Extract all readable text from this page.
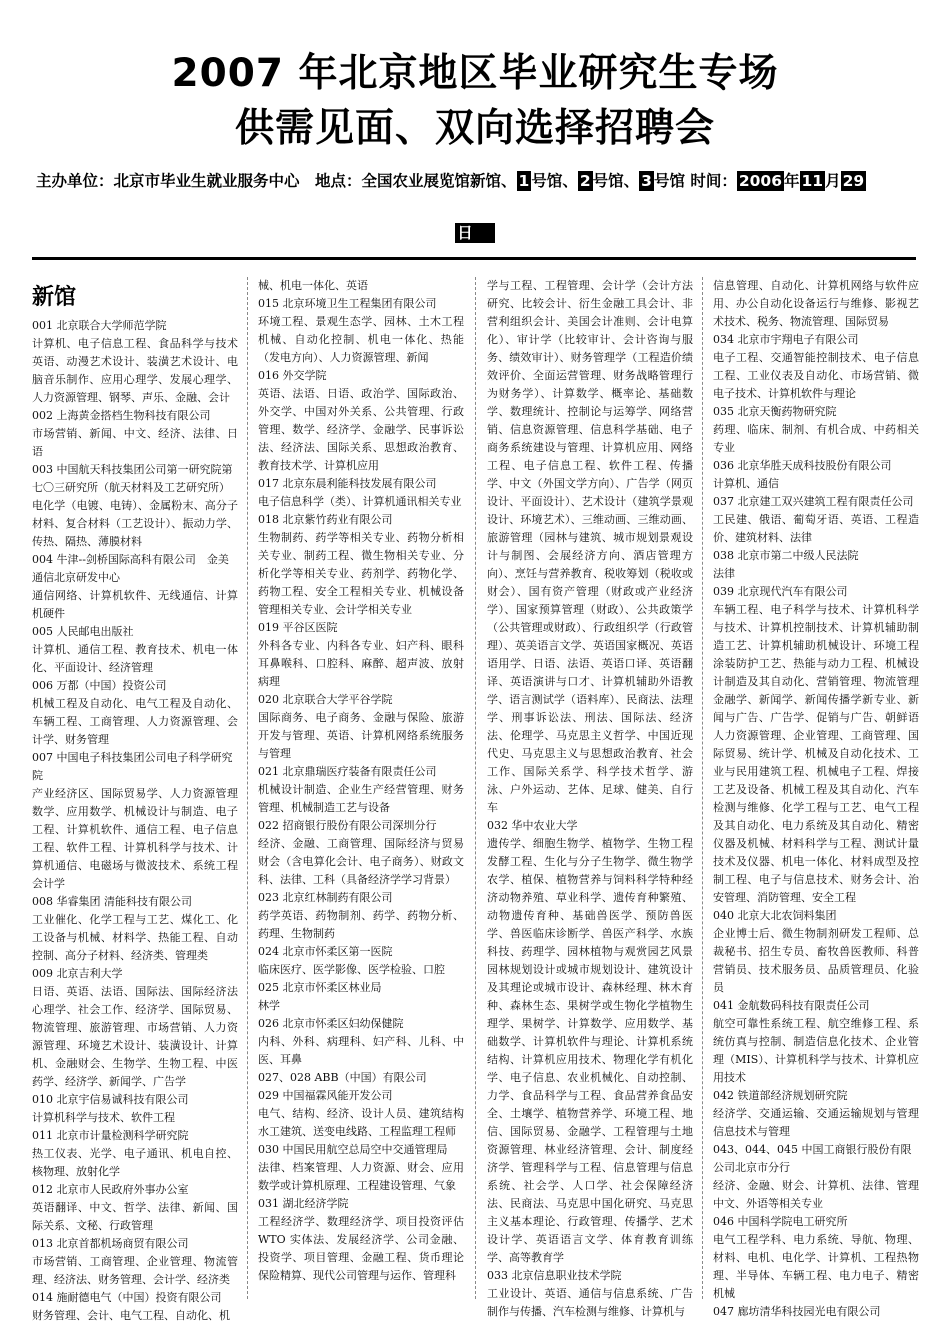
2007 年北京地区毕业研究生专场
供需见面、双向选择招聘会
主办单位：北京市毕业生就业服务中心　地点：全国农业展览馆新馆、 1 号馆、 2 号馆、 3 号馆 时间： 2006 年 11 月 29
日
新馆
001 北京联合大学师范学院
计算机、电子信息工程、食品科学与技术英语、动漫艺术设计、装潢艺术设计、电脑音乐制作、应用心理学、发展心理学、人力资源管理、钢琴、声乐、金融、会计
002 上海黄金搭档生物科技有限公司
市场营销、新闻、中文、经济、法律、日语
003 中国航天科技集团公司第一研究院第七〇三研究所（航天材料及工艺研究所）
电化学（电镀、电铸）、金属粉末、高分子材料、复合材料（工艺设计）、振动力学、传热、隔热、薄膜材料
004 牛津--剑桥国际高科有限公司　金美通信北京研发中心
通信网络、计算机软件、无线通信、计算机硬件
005 人民邮电出版社
计算机、通信工程、教育技术、机电一体化、平面设计、经济管理
006 万都（中国）投资公司
机械工程及自动化、电气工程及自动化、车辆工程、工商管理、人力资源管理、会计学、财务管理
007 中国电子科技集团公司电子科学研究院
产业经济区、国际贸易学、人力资源管理数学、应用数学、机械设计与制造、电子工程、计算机软件、通信工程、电子信息工程、软件工程、计算机科学与技术、计算机通信、电磁场与微波技术、系统工程会计学
008 华睿集团 清能科技有限公司
工业催化、化学工程与工艺、煤化工、化工设备与机械、材料学、热能工程、自动控制、高分子材料、经济类、管理类
009 北京吉利大学
日语、英语、法语、国际法、国际经济法心理学、社会工作、经济学、国际贸易、物流管理、旅游管理、市场营销、人力资源管理、环境艺术设计、装潢设计、计算机、金融财会、生物学、生物工程、中医药学、经济学、新闻学、广告学
010 北京宇信易诚科技有限公司
计算机科学与技术、软件工程
011 北京市计量检测科学研究院
热工仪表、光学、电子通讯、机电自控、核物理、放射化学
012 北京市人民政府外事办公室
英语翻译、中文、哲学、法律、新闻、国际关系、文秘、行政管理
013 北京首都机场商贸有限公司
市场营销、工商管理、企业管理、物流管理、经济法、财务管理、会计学、经济类
014 施耐德电气（中国）投资有限公司
财务管理、会计、电气工程、自动化、机
械、机电一体化、英语
015 北京环境卫生工程集团有限公司
环境工程、景观生态学、园林、土木工程机械、自动化控制、机电一体化、热能（发电方向）、人力资源管理、新闻
016 外交学院
英语、法语、日语、政治学、国际政治、外交学、中国对外关系、公共管理、行政管理、数学、经济学、金融学、民事诉讼法、经济法、国际关系、思想政治教育、教育技术学、计算机应用
017 北京东晨利能科技发展有限公司
电子信息科学（类）、计算机通讯相关专业
018 北京紫竹药业有限公司
生物制药、药学等相关专业、药物分析相关专业、制药工程、微生物相关专业、分析化学等相关专业、药剂学、药物化学、药物工程、安全工程相关专业、机械设备管理相关专业、会计学相关专业
019 平谷区医院
外科各专业、内科各专业、妇产科、眼科耳鼻喉科、口腔科、麻醉、超声波、放射病理
020 北京联合大学平谷学院
国际商务、电子商务、金融与保险、旅游开发与管理、英语、计算机网络系统服务与管理
021 北京鼎瑞医疗装备有限责任公司
机械设计制造、企业生产经营管理、财务管理、机械制造工艺与设备
022 招商银行股份有限公司深圳分行
经济、金融、工商管理、国际经济与贸易财会（含电算化会计、电子商务）、财政文科、法律、工科（具备经济学学习背景）
023 北京红林制药有限公司
药学英语、药物制剂、药学、药物分析、药理、生物制药
024 北京市怀柔区第一医院
临床医疗、医学影像、医学检验、口腔
025 北京市怀柔区林业局
林学
026 北京市怀柔区妇幼保健院
内科、外科、病理科、妇产科、儿科、中医、耳鼻
027、028 ABB（中国）有限公司
029 中国福霖风能开发公司
电气、结构、经济、设计人员、建筑结构水工建筑、送变电线路、工程监理工程师
030 中国民用航空总局空中交通管理局
法律、档案管理、人力资源、财会、应用数学或计算机原理、工程建设管理、气象
031 湖北经济学院
工程经济学、数理经济学、项目投资评估WTO 实体法、发展经济学、公司金融、投资学、项目管理、金融工程、货币理论保险精算、现代公司管理与运作、管理科
学与工程、工程管理、会计学（会计方法研究、比较会计、衍生金融工具会计、非营利组织会计、美国会计准则、会计电算化）、审计学（比较审计、会计咨询与服务、绩效审计）、财务管理学（工程造价绩效评价、全面运营管理、财务战略管理行为财务学）、计算数学、概率论、基础数学、数理统计、控制论与运筹学、网络营销、信息资源管理、信息科学基础、电子商务系统建设与管理、计算机应用、网络工程、电子信息工程、软件工程、传播学、中文（外国文学方向）、广告学（网页设计、平面设计）、艺术设计（建筑学景观设计、环境艺术）、三维动画、三维动画、旅游管理（园林与建筑、城市规划景观设计与制图、会展经济方向、酒店管理方向）、烹饪与营养教育、税收筹划（税收或财会）、国有资产管理（财政或产业经济学）、国家预算管理（财政）、公共政策学（公共管理或财政）、行政组织学（行政管理）、英美语言文学、英语国家概况、英语语用学、日语、法语、英语口译、英语翻译、英语演讲与口才、计算机辅助外语教学、语言测试学（语料库）、民商法、法理学、刑事诉讼法、刑法、国际法、经济法、伦理学、马克思主义哲学、中国近现代史、马克思主义与思想政治教育、社会工作、国际关系学、科学技术哲学、游泳、户外运动、艺体、足球、健美、自行车
032 华中农业大学
遗传学、细胞生物学、植物学、生物工程发酵工程、生化与分子生物学、微生物学农学、植保、植物营养与饲料科学特种经济动物养殖、草业科学、遗传育种繁殖、动物遗传育种、基础兽医学、预防兽医学、兽医临床诊断学、兽医产科学、水族科技、药理学、园林植物与观赏园艺风景园林规划设计或城市规划设计、建筑设计及其理论或城市设计、森林经理、林木育种、森林生态、果树学或生物化学植物生理学、果树学、计算数学、应用数学、基础数学、计算机软件与理论、计算机系统结构、计算机应用技术、物理化学有机化学、电子信息、农业机械化、自动控制、力学、食品科学与工程、食品营养食品安全、土壤学、植物营养学、环境工程、地信、国际贸易、金融学、工程管理与土地资源管理、林业经济管理、会计、制度经济学、管理科学与工程、信息管理与信息系统、社会学、人口学、社会保障经济法、民商法、马克思中国化研究、马克思主义基本理论、行政管理、传播学、艺术设计学、英语语言文学、体育教育训练学、高等教育学
033 北京信息职业技术学院
工业设计、英语、通信与信息系统、广告制作与传播、汽车检测与维修、计算机与
信息管理、自动化、计算机网络与软件应用、办公自动化设备运行与维修、影视艺术技术、税务、物流管理、国际贸易
034 北京市宇翔电子有限公司
电子工程、交通智能控制技术、电子信息工程、工业仪表及自动化、市场营销、微电子技术、计算机软件与理论
035 北京天衡药物研究院
药理、临床、制剂、有机合成、中药相关专业
036 北京华胜天成科技股份有限公司
计算机、通信
037 北京建工双兴建筑工程有限责任公司
工民建、俄语、葡萄牙语、英语、工程造价、建筑材料、法律
038 北京市第二中级人民法院
法律
039 北京现代汽车有限公司
车辆工程、电子科学与技术、计算机科学与技术、计算机控制技术、计算机辅助制造工艺、计算机辅助机械设计、环境工程涂装防护工艺、热能与动力工程、机械设计制造及其自动化、营销管理、物流管理金融学、新闻学、新闻传播学新专业、新闻与广告、广告学、促销与广告、朝鲜语人力资源管理、企业管理、工商管理、国际贸易、统计学、机械及自动化技术、工业与民用建筑工程、机械电子工程、焊接工艺及设备、机械工程及其自动化、汽车检测与维修、化学工程与工艺、电气工程及其自动化、电力系统及其自动化、精密仪器及机械、材料科学与工程、测试计量技术及仪器、机电一体化、材料成型及控制工程、电子与信息技术、财务会计、治安管理、消防管理、安全工程
040 北京大北农饲料集团
企业博士后、微生物制剂研发工程师、总裁秘书、招生专员、畜牧兽医教师、科普营销员、技术服务员、品质管理员、化验员
041 金航数码科技有限责任公司
航空可靠性系统工程、航空维修工程、系统仿真与控制、制造信息化技术、企业管理（MIS）、计算机科学与技术、计算机应用技术
042 铁道部经济规划研究院
经济学、交通运输、交通运输规划与管理信息技术与管理
043、044、045 中国工商银行股份有限公司北京市分行
经济、金融、财会、计算机、法律、管理中文、外语等相关专业
046 中国科学院电工研究所
电气工程学科、电力系统、导航、物理、材料、电机、电化学、计算机、工程热物理、半导体、车辆工程、电力电子、精密机械
047 廊坊清华科技园光电有限公司
